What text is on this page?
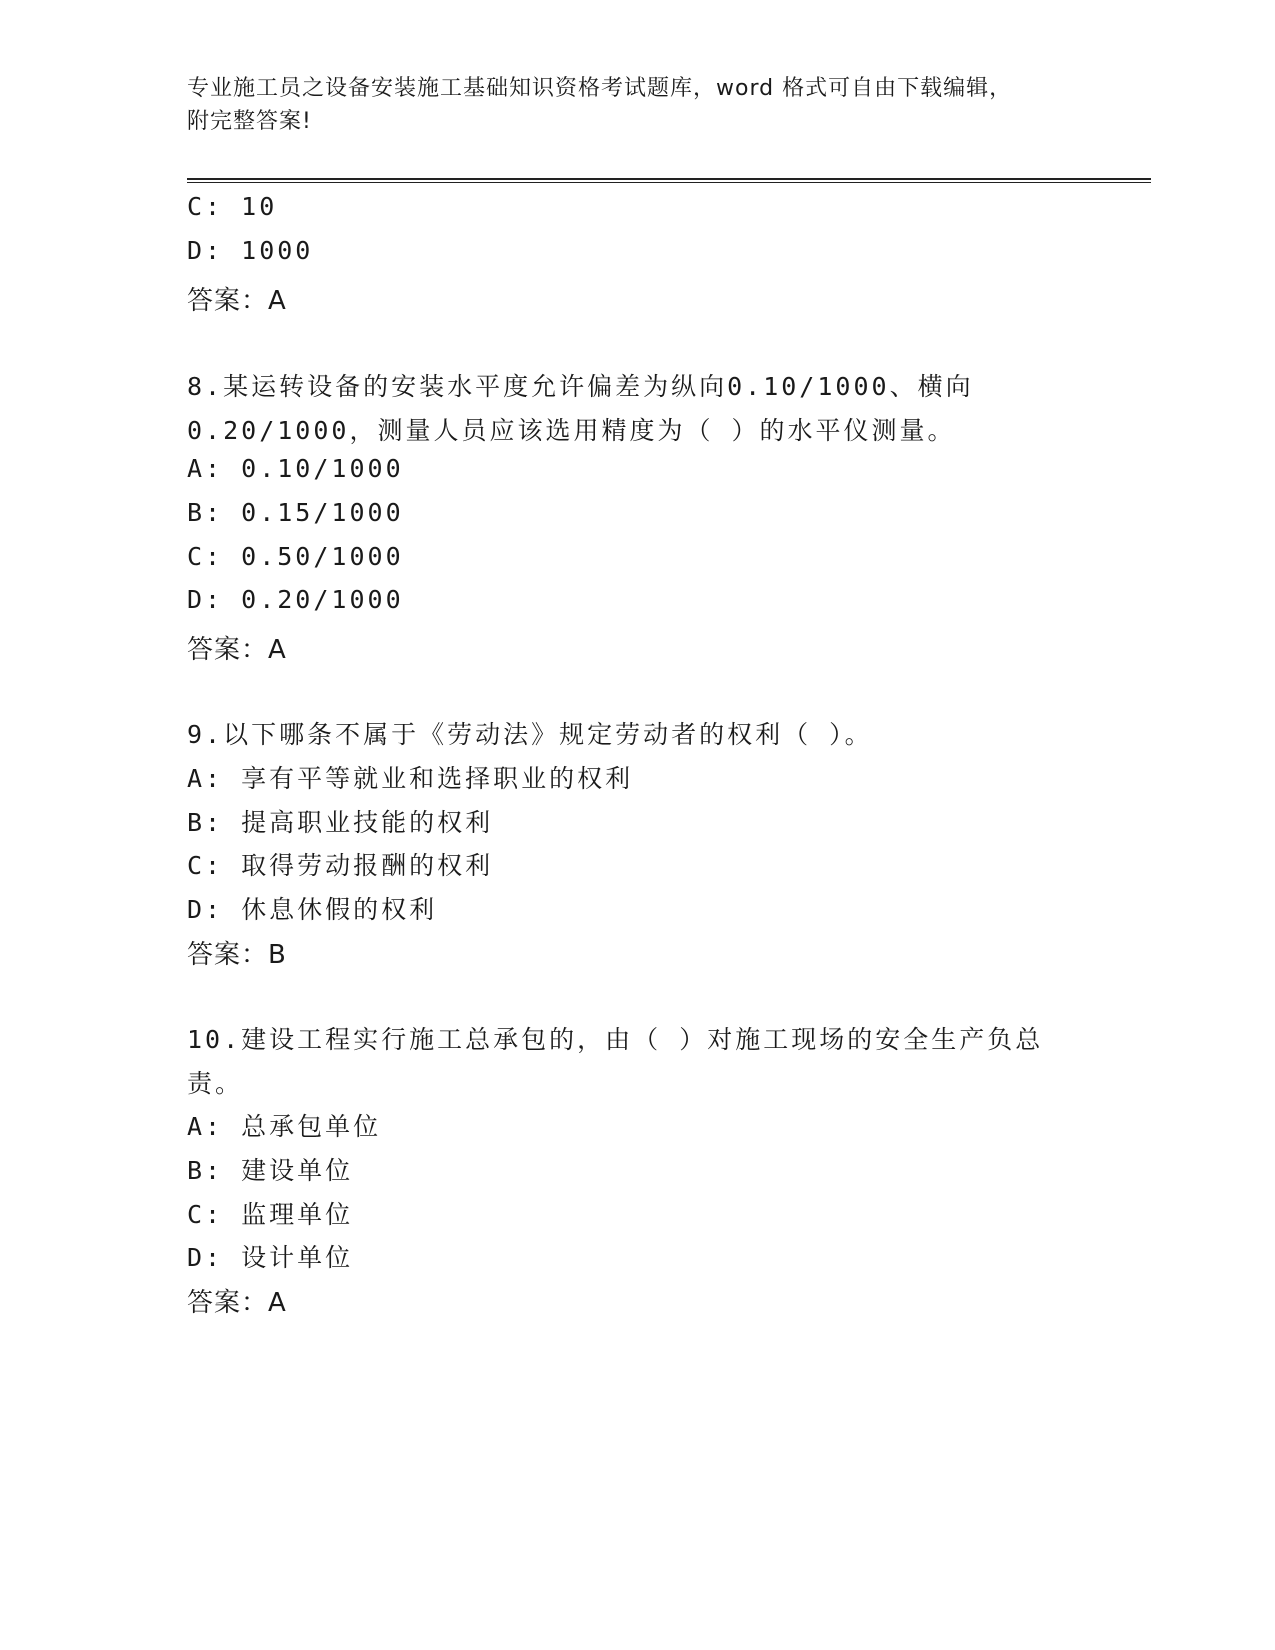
专业施工员之设备安装施工基础知识资格考试题库，word 格式可自由下载编辑，
附完整答案!
C: 10
D: 1000
答案：A
8.某运转设备的安装水平度允许偏差为纵向0.10/1000、横向
0.20/1000，测量人员应该选用精度为（ ）的水平仪测量。
A: 0.10/1000
B: 0.15/1000
C: 0.50/1000
D: 0.20/1000
答案：A
9.以下哪条不属于《劳动法》规定劳动者的权利（ ）。
A: 享有平等就业和选择职业的权利
B: 提高职业技能的权利
C: 取得劳动报酬的权利
D: 休息休假的权利
答案：B
10.建设工程实行施工总承包的，由（ ）对施工现场的安全生产负总
责。
A: 总承包单位
B: 建设单位
C: 监理单位
D: 设计单位
答案：A
